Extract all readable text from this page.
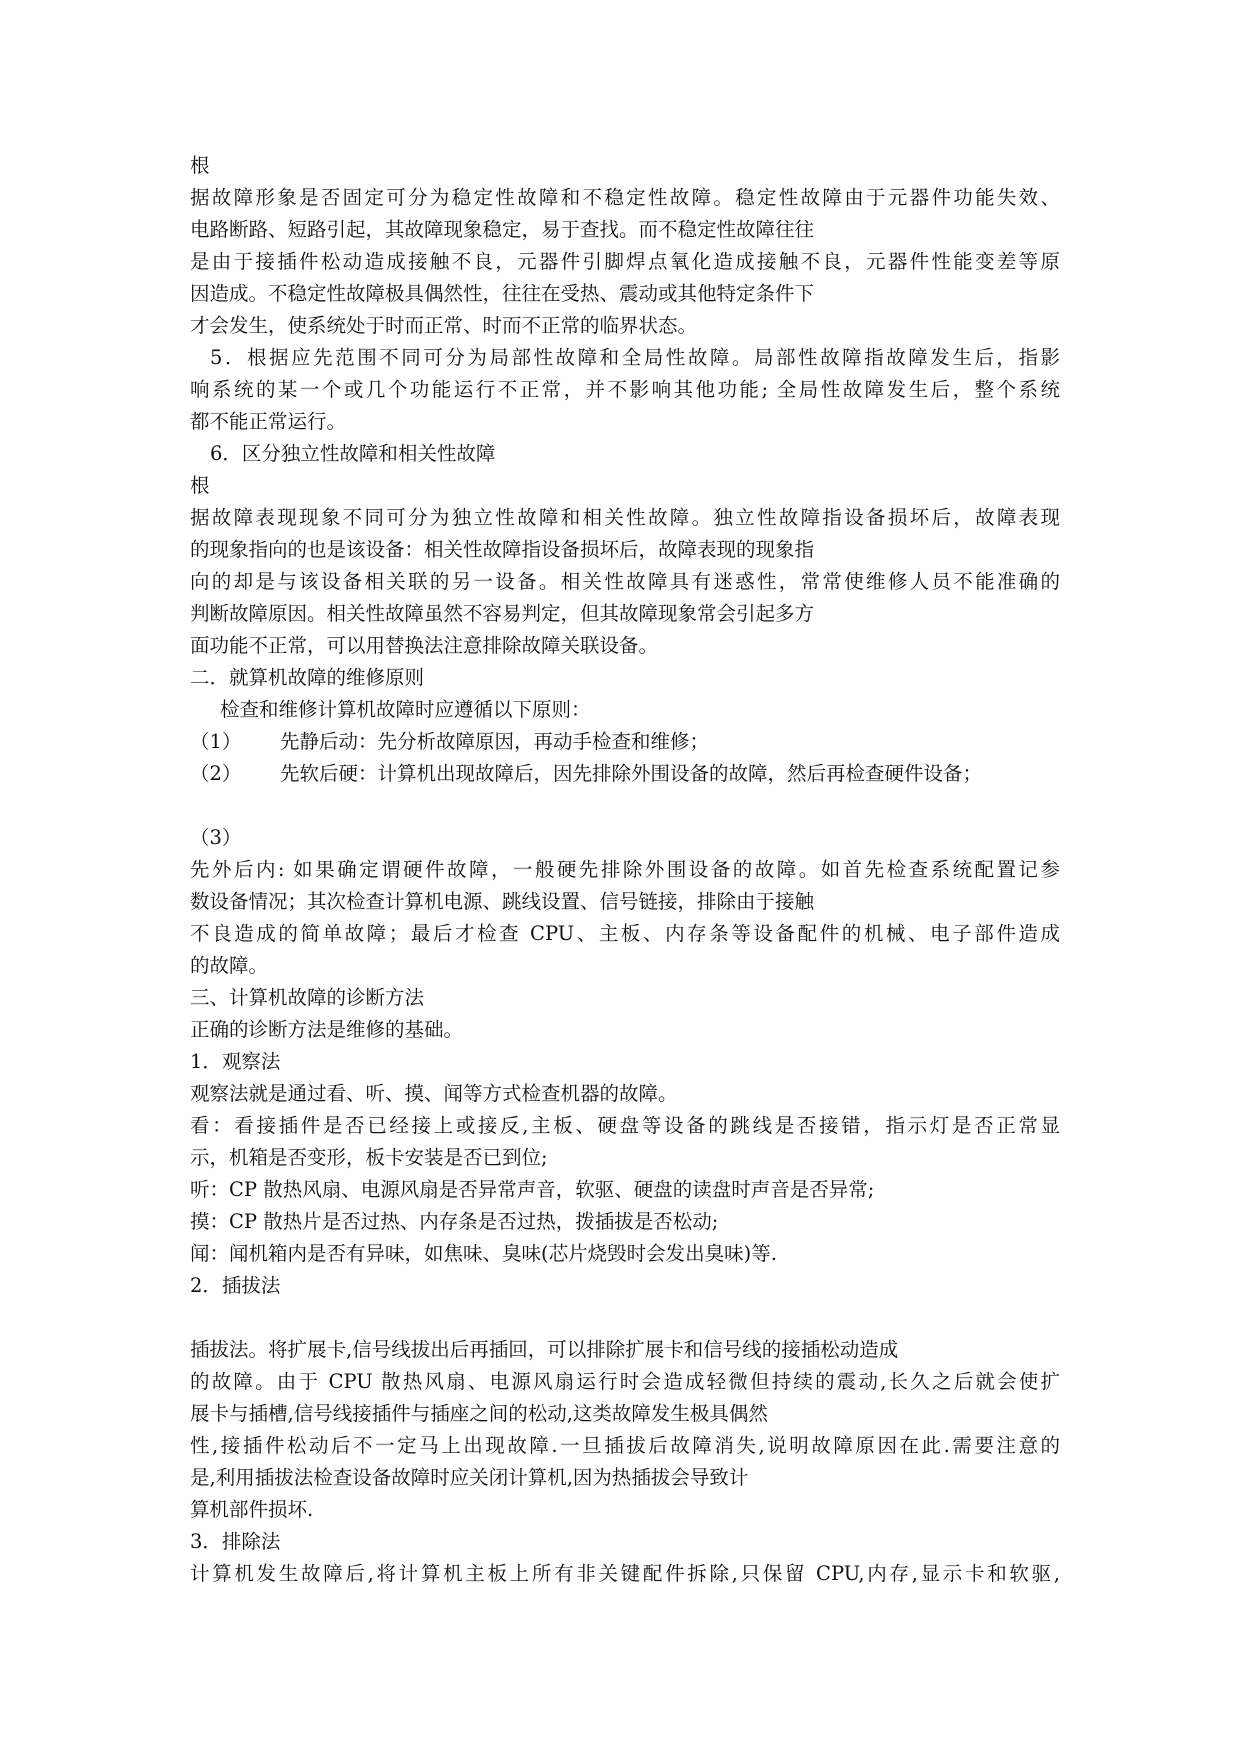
根
据故障形象是否固定可分为稳定性故障和不稳定性故障。稳定性故障由于元器件功能失效、
电路断路、短路引起，其故障现象稳定，易于查找。而不稳定性故障往往
是由于接插件松动造成接触不良，元器件引脚焊点氧化造成接触不良，元器件性能变差等原
因造成。不稳定性故障极具偶然性，往往在受热、震动或其他特定条件下
才会发生，使系统处于时而正常、时而不正常的临界状态。
5．根据应先范围不同可分为局部性故障和全局性故障。局部性故障指故障发生后，指影
响系统的某一个或几个功能运行不正常，并不影响其他功能; 全局性故障发生后，整个系统
都不能正常运行。
6．区分独立性故障和相关性故障
根
据故障表现现象不同可分为独立性故障和相关性故障。独立性故障指设备损坏后，故障表现
的现象指向的也是该设备：相关性故障指设备损坏后，故障表现的现象指
向的却是与该设备相关联的另一设备。相关性故障具有迷惑性，常常使维修人员不能准确的
判断故障原因。相关性故障虽然不容易判定，但其故障现象常会引起多方
面功能不正常，可以用替换法注意排除故障关联设备。
二．就算机故障的维修原则
检查和维修计算机故障时应遵循以下原则：
（1） 先静后动：先分析故障原因，再动手检查和维修；
（2） 先软后硬：计算机出现故障后，因先排除外围设备的故障，然后再检查硬件设备；
（3）
先外后内: 如果确定谓硬件故障，一般硬先排除外围设备的故障。如首先检查系统配置记参
数设备情况；其次检查计算机电源、跳线设置、信号链接，排除由于接触
不良造成的简单故障；最后才检查 CPU、主板、内存条等设备配件的机械、电子部件造成
的故障。
三、计算机故障的诊断方法
正确的诊断方法是维修的基础。
1．观察法
观察法就是通过看、听、摸、闻等方式检查机器的故障。
看：看接插件是否已经接上或接反,主板、硬盘等设备的跳线是否接错，指示灯是否正常显
示，机箱是否变形，板卡安装是否已到位;
听：CP 散热风扇、电源风扇是否异常声音，软驱、硬盘的读盘时声音是否异常;
摸：CP 散热片是否过热、内存条是否过热，拨插拔是否松动;
闻：闻机箱内是否有异味，如焦味、臭味(芯片烧毁时会发出臭味)等.
2．插拔法
插拔法。将扩展卡,信号线拔出后再插回，可以排除扩展卡和信号线的接插松动造成
的故障。由于 CPU 散热风扇、电源风扇运行时会造成轻微但持续的震动,长久之后就会使扩
展卡与插槽,信号线接插件与插座之间的松动,这类故障发生极具偶然
性,接插件松动后不一定马上出现故障.一旦插拔后故障消失,说明故障原因在此.需要注意的
是,利用插拔法检查设备故障时应关闭计算机,因为热插拔会导致计
算机部件损坏.
3．排除法
计算机发生故障后,将计算机主板上所有非关键配件拆除,只保留 CPU,内存,显示卡和软驱,
